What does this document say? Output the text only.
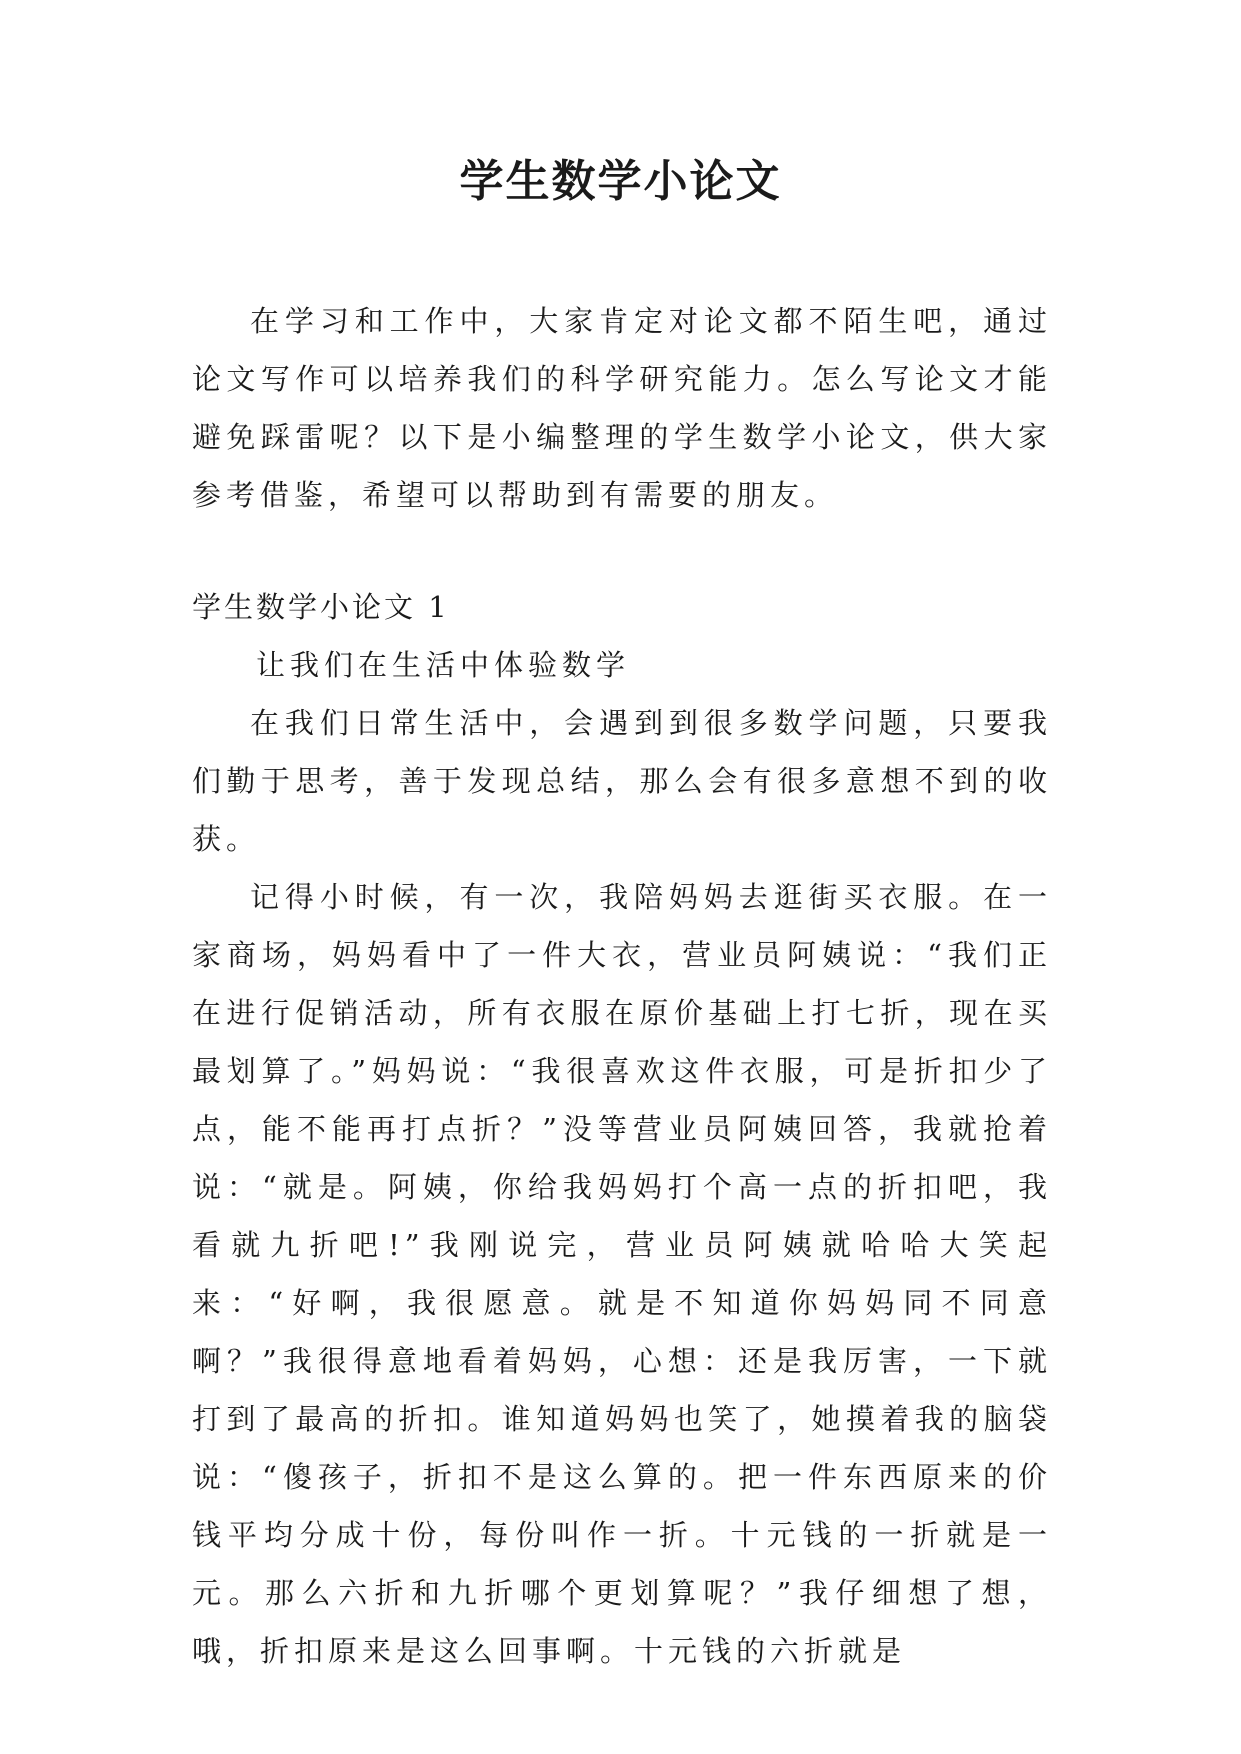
学生数学小论文

在学习和工作中，大家肯定对论文都不陌生吧，通过论文写作可以培养我们的科学研究能力。怎么写论文才能避免踩雷呢？以下是小编整理的学生数学小论文，供大家参考借鉴，希望可以帮助到有需要的朋友。

学生数学小论文 1
让我们在生活中体验数学

在我们日常生活中，会遇到到很多数学问题，只要我们勤于思考，善于发现总结，那么会有很多意想不到的收获。

记得小时候，有一次，我陪妈妈去逛街买衣服。在一家商场，妈妈看中了一件大衣，营业员阿姨说：“我们正在进行促销活动，所有衣服在原价基础上打七折，现在买最划算了。”妈妈说：“我很喜欢这件衣服，可是折扣少了点，能不能再打点折？”没等营业员阿姨回答，我就抢着说：“就是。阿姨，你给我妈妈打个高一点的折扣吧，我看就九折吧!”我刚说完，营业员阿姨就哈哈大笑起来：“好啊，我很愿意。就是不知道你妈妈同不同意啊？”我很得意地看着妈妈，心想：还是我厉害，一下就打到了最高的折扣。谁知道妈妈也笑了，她摸着我的脑袋说：“傻孩子，折扣不是这么算的。把一件东西原来的价钱平均分成十份，每份叫作一折。十元钱的一折就是一元。那么六折和九折哪个更划算呢？”我仔细想了想，哦，折扣原来是这么回事啊。十元钱的六折就是
